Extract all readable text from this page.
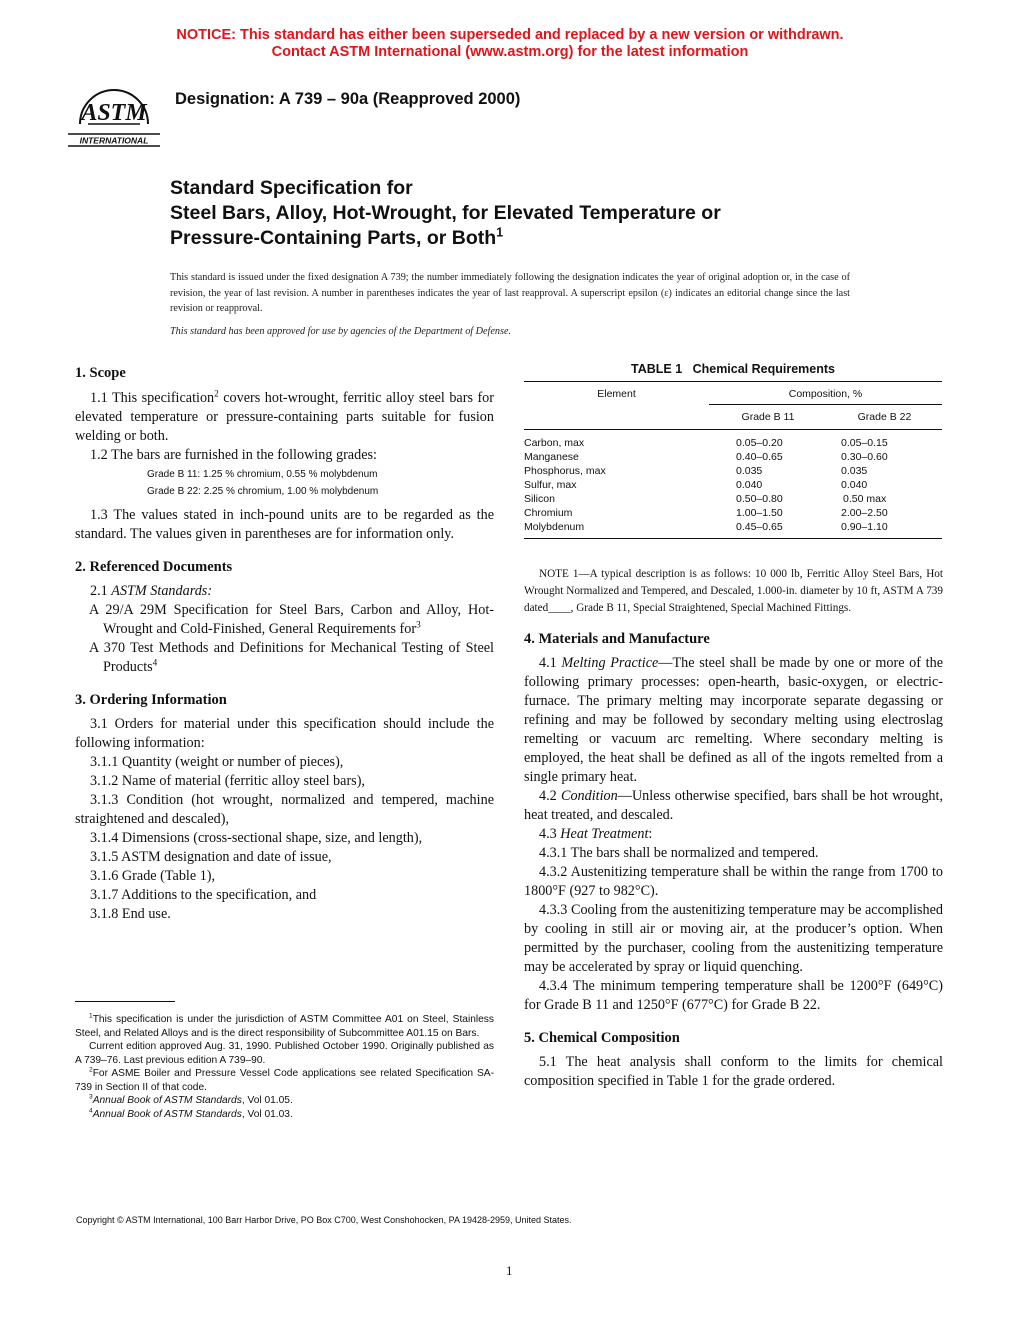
NOTICE: This standard has either been superseded and replaced by a new version or withdrawn.
Contact ASTM International (www.astm.org) for the latest information
ASTM
INTERNATIONAL
Designation: A 739 – 90a (Reapproved 2000)
Standard Specification for
Steel Bars, Alloy, Hot-Wrought, for Elevated Temperature or
Pressure-Containing Parts, or Both$^1$
This standard is issued under the fixed designation A 739; the number immediately following the designation indicates the year of original adoption or, in the case of revision, the year of last revision. A number in parentheses indicates the year of last reapproval. A superscript epsilon (ε) indicates an editorial change since the last revision or reapproval.
This standard has been approved for use by agencies of the Department of Defense.

1. Scope

1.1 This specification$^2$ covers hot-wrought, ferritic alloy steel bars for elevated temperature or pressure-containing parts suitable for fusion welding or both.

1.2 The bars are furnished in the following grades:

Grade B 11: 1.25 % chromium, 0.55 % molybdenum

Grade B 22: 2.25 % chromium, 1.00 % molybdenum

1.3 The values stated in inch-pound units are to be regarded as the standard. The values given in parentheses are for information only.

2. Referenced Documents

2.1 ASTM Standards:

A 29/A 29M Specification for Steel Bars, Carbon and Alloy, Hot-Wrought and Cold-Finished, General Requirements for$^3$

A 370 Test Methods and Definitions for Mechanical Testing of Steel Products$^4$

3. Ordering Information

3.1 Orders for material under this specification should include the following information:

3.1.1 Quantity (weight or number of pieces),

3.1.2 Name of material (ferritic alloy steel bars),

3.1.3 Condition (hot wrought, normalized and tempered, machine straightened and descaled),

3.1.4 Dimensions (cross-sectional shape, size, and length),

3.1.5 ASTM designation and date of issue,

3.1.6 Grade (Table 1),

3.1.7 Additions to the specification, and

3.1.8 End use.

$^1$This specification is under the jurisdiction of ASTM Committee A01 on Steel, Stainless Steel, and Related Alloys and is the direct responsibility of Subcommittee A01.15 on Bars.

Current edition approved Aug. 31, 1990. Published October 1990. Originally published as A 739–76. Last previous edition A 739–90.

$^2$For ASME Boiler and Pressure Vessel Code applications see related Specification SA-739 in Section II of that code.

$^3$Annual Book of ASTM Standards, Vol 01.05.

$^4$Annual Book of ASTM Standards, Vol 01.03.

TABLE 1 Chemical Requirements
Element	Composition, %	
	Grade B 11	Grade B 22

Carbon, max	0.05–0.20	0.05–0.15
Manganese	0.40–0.65	0.30–0.60
Phosphorus, max	0.035	0.035
Sulfur, max	0.040	0.040
Silicon	0.50–0.80	0.50 max
Chromium	1.00–1.50	2.00–2.50
Molybdenum	0.45–0.65	0.90–1.10

NOTE 1—A typical description is as follows: 10 000 lb, Ferritic Alloy Steel Bars, Hot Wrought Normalized and Tempered, and Descaled, 1.000-in. diameter by 10 ft, ASTM A 739 dated____, Grade B 11, Special Straightened, Special Machined Fittings.

4. Materials and Manufacture

4.1 Melting Practice—The steel shall be made by one or more of the following primary processes: open-hearth, basic-oxygen, or electric-furnace. The primary melting may incorporate separate degassing or refining and may be followed by secondary melting using electroslag remelting or vacuum arc remelting. Where secondary melting is employed, the heat shall be defined as all of the ingots remelted from a single primary heat.

4.2 Condition—Unless otherwise specified, bars shall be hot wrought, heat treated, and descaled.

4.3 Heat Treatment:

4.3.1 The bars shall be normalized and tempered.

4.3.2 Austenitizing temperature shall be within the range from 1700 to 1800°F (927 to 982°C).

4.3.3 Cooling from the austenitizing temperature may be accomplished by cooling in still air or moving air, at the producer’s option. When permitted by the purchaser, cooling from the austenitizing temperature may be accelerated by spray or liquid quenching.

4.3.4 The minimum tempering temperature shall be 1200°F (649°C) for Grade B 11 and 1250°F (677°C) for Grade B 22.

5. Chemical Composition

5.1 The heat analysis shall conform to the limits for chemical composition specified in Table 1 for the grade ordered.

Copyright © ASTM International, 100 Barr Harbor Drive, PO Box C700, West Conshohocken, PA 19428-2959, United States.
1
